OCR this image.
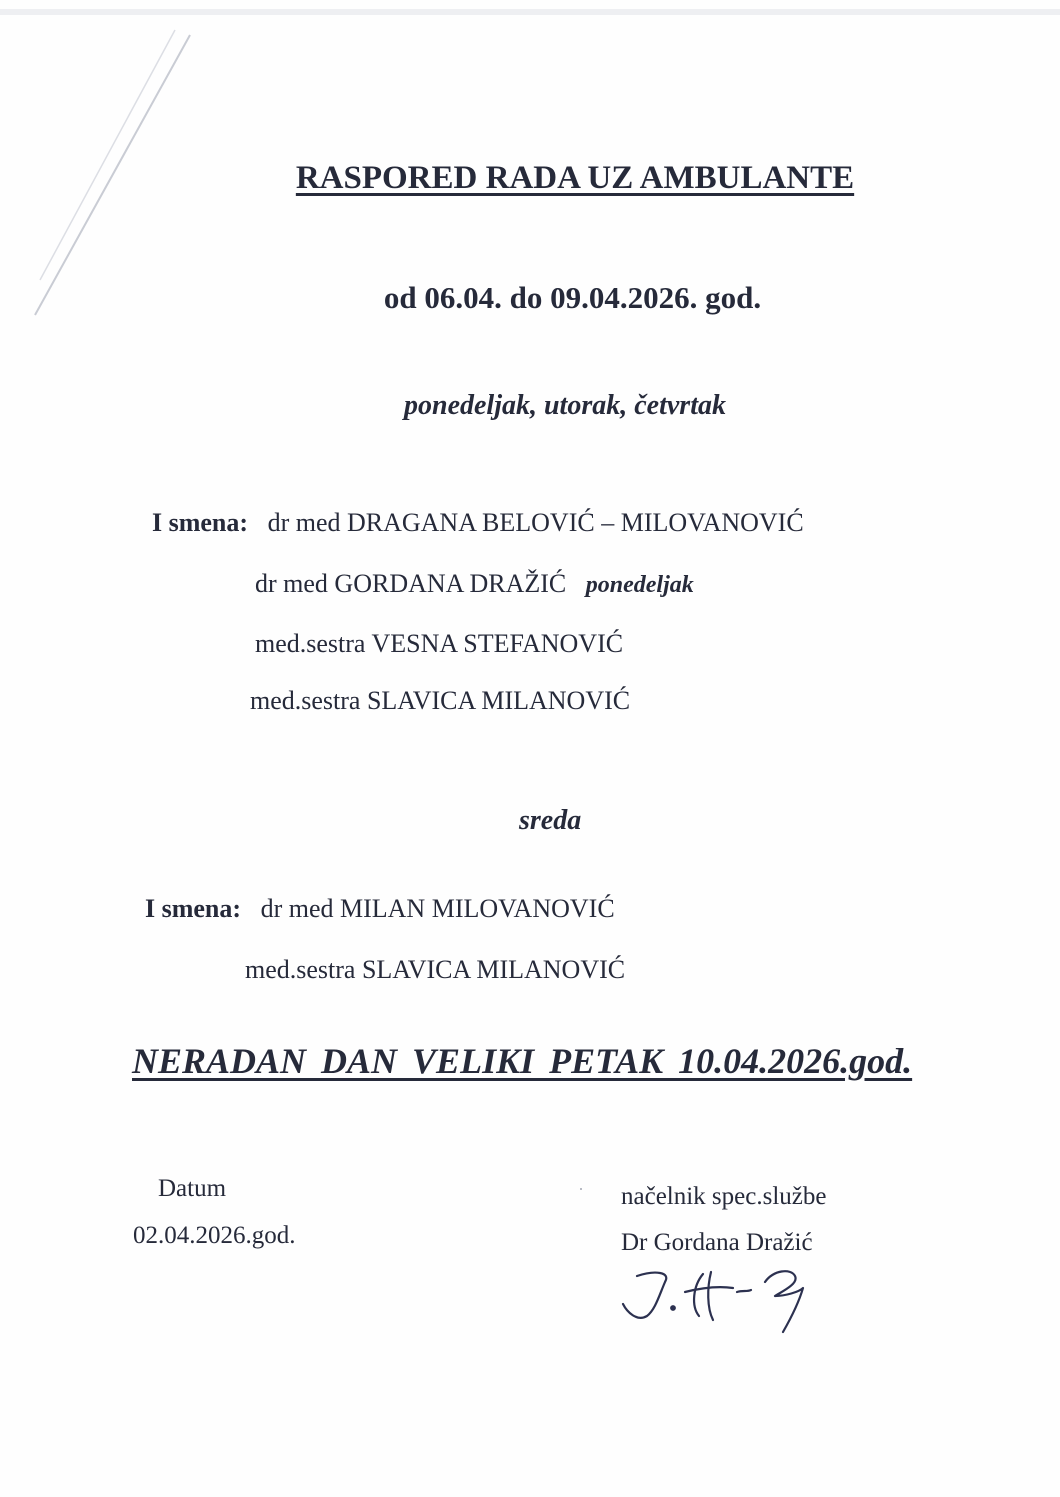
RASPORED RADA UZ AMBULANTE
od 06.04. do 09.04.2026. god.
ponedeljak, utorak, četvrtak
I smena: dr med DRAGANA BELOVIĆ – MILOVANOVIĆ
dr med GORDANA DRAŽIĆ ponedeljak
med.sestra VESNA STEFANOVIĆ
med.sestra SLAVICA MILANOVIĆ
sreda
I smena: dr med MILAN MILOVANOVIĆ
med.sestra SLAVICA MILANOVIĆ
NERADAN DAN VELIKI PETAK 10.04.2026.god.
Datum
02.04.2026.god.
načelnik spec.službe
Dr Gordana Dražić
